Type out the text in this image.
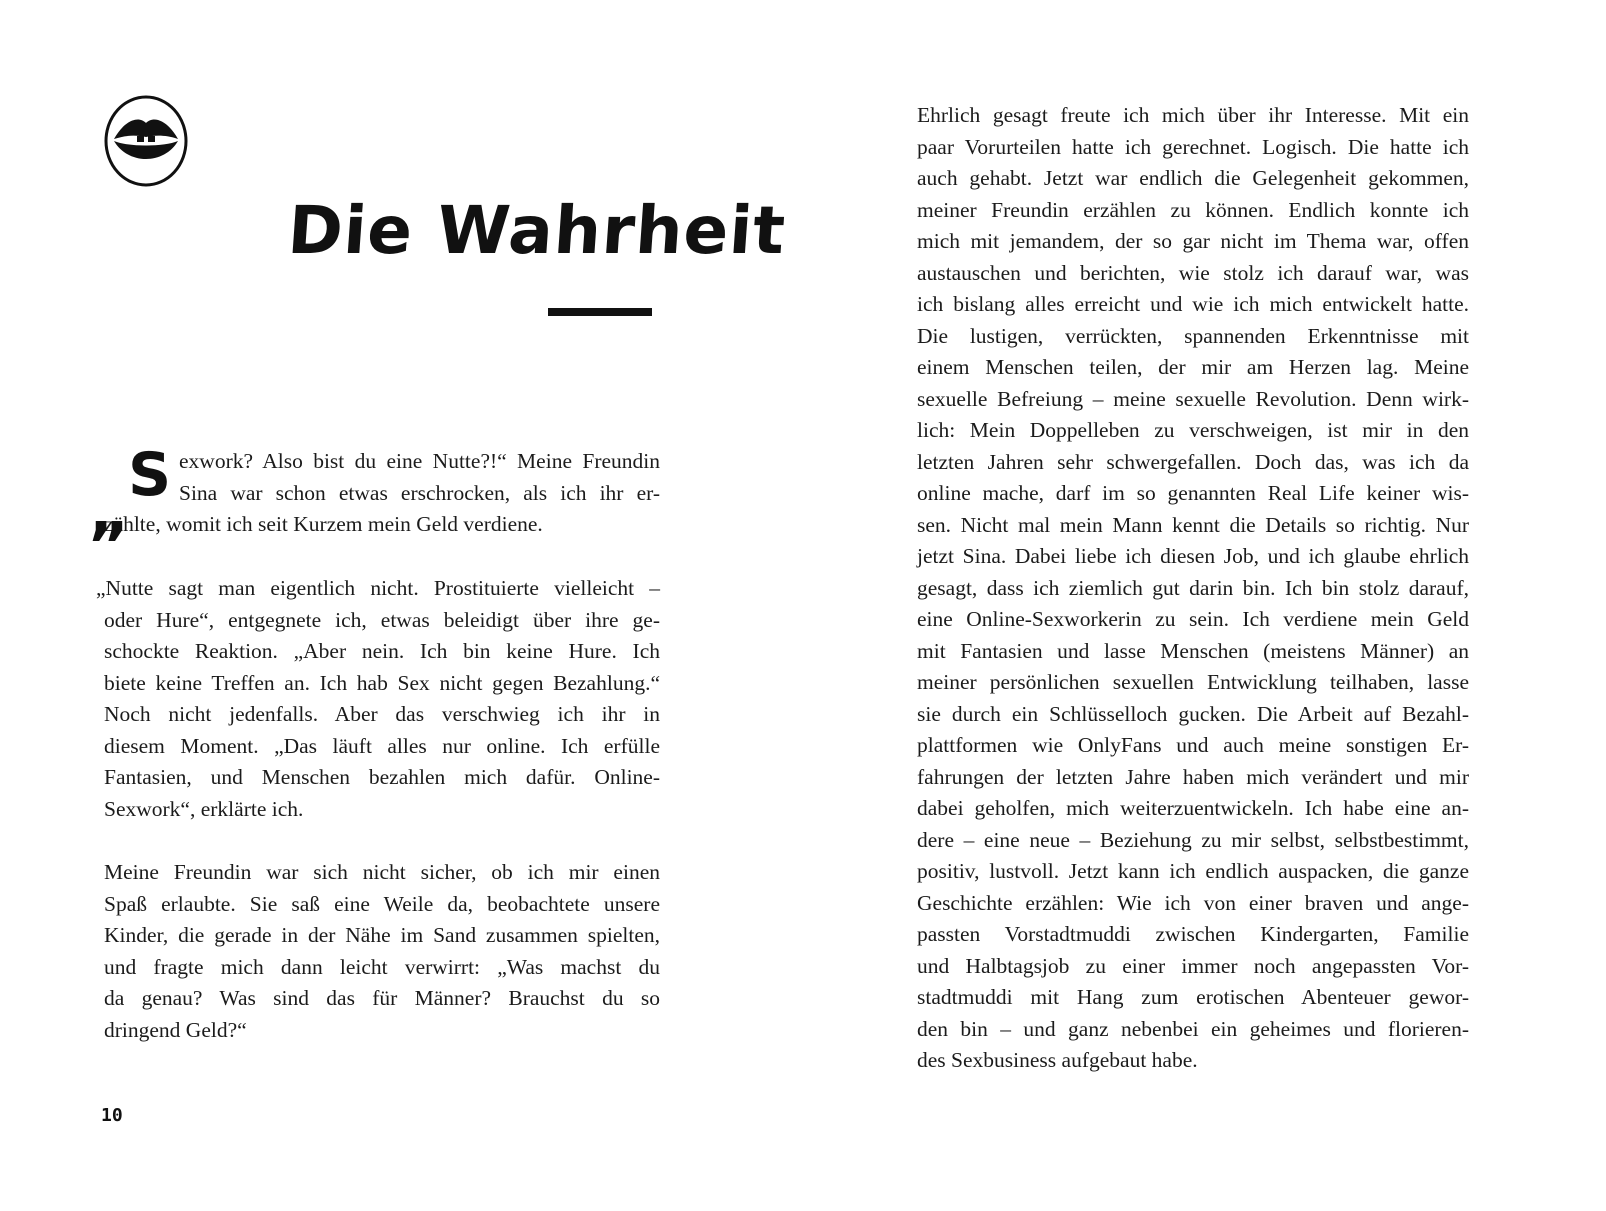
Die Wahrheit
„
S exwork? Also bist du eine Nutte?!“ Meine Freundin
Sina war schon etwas erschrocken, als ich ihr er-
zählte, womit ich seit Kurzem mein Geld verdiene.
„Nutte sagt man eigentlich nicht. Prostituierte vielleicht –
oder Hure“, entgegnete ich, etwas beleidigt über ihre ge-
schockte Reaktion. „Aber nein. Ich bin keine Hure. Ich
biete keine Treffen an. Ich hab Sex nicht gegen Bezahlung.“
Noch nicht jedenfalls. Aber das verschwieg ich ihr in
diesem Moment. „Das läuft alles nur online. Ich erfülle
Fantasien, und Menschen bezahlen mich dafür. Online-
Sexwork“, erklärte ich.
Meine Freundin war sich nicht sicher, ob ich mir einen
Spaß erlaubte. Sie saß eine Weile da, beobachtete unsere
Kinder, die gerade in der Nähe im Sand zusammen spielten,
und fragte mich dann leicht verwirrt: „Was machst du
da genau? Was sind das für Männer? Brauchst du so
dringend Geld?“
10
Ehrlich gesagt freute ich mich über ihr Interesse. Mit ein
paar Vorurteilen hatte ich gerechnet. Logisch. Die hatte ich
auch gehabt. Jetzt war endlich die Gelegenheit gekommen,
meiner Freundin erzählen zu können. Endlich konnte ich
mich mit jemandem, der so gar nicht im Thema war, offen
austauschen und berichten, wie stolz ich darauf war, was
ich bislang alles erreicht und wie ich mich entwickelt hatte.
Die lustigen, verrückten, spannenden Erkenntnisse mit
einem Menschen teilen, der mir am Herzen lag. Meine
sexuelle Befreiung – meine sexuelle Revolution. Denn wirk-
lich: Mein Doppelleben zu verschweigen, ist mir in den
letzten Jahren sehr schwergefallen. Doch das, was ich da
online mache, darf im so genannten Real Life keiner wis-
sen. Nicht mal mein Mann kennt die Details so richtig. Nur
jetzt Sina. Dabei liebe ich diesen Job, und ich glaube ehrlich
gesagt, dass ich ziemlich gut darin bin. Ich bin stolz darauf,
eine Online-Sexworkerin zu sein. Ich verdiene mein Geld
mit Fantasien und lasse Menschen (meistens Männer) an
meiner persönlichen sexuellen Entwicklung teilhaben, lasse
sie durch ein Schlüsselloch gucken. Die Arbeit auf Bezahl-
plattformen wie OnlyFans und auch meine sonstigen Er-
fahrungen der letzten Jahre haben mich verändert und mir
dabei geholfen, mich weiterzuentwickeln. Ich habe eine an-
dere – eine neue – Beziehung zu mir selbst, selbstbestimmt,
positiv, lustvoll. Jetzt kann ich endlich auspacken, die ganze
Geschichte erzählen: Wie ich von einer braven und ange-
passten Vorstadtmuddi zwischen Kindergarten, Familie
und Halbtagsjob zu einer immer noch angepassten Vor-
stadtmuddi mit Hang zum erotischen Abenteuer gewor-
den bin – und ganz nebenbei ein geheimes und florieren-
des Sexbusiness aufgebaut habe.
